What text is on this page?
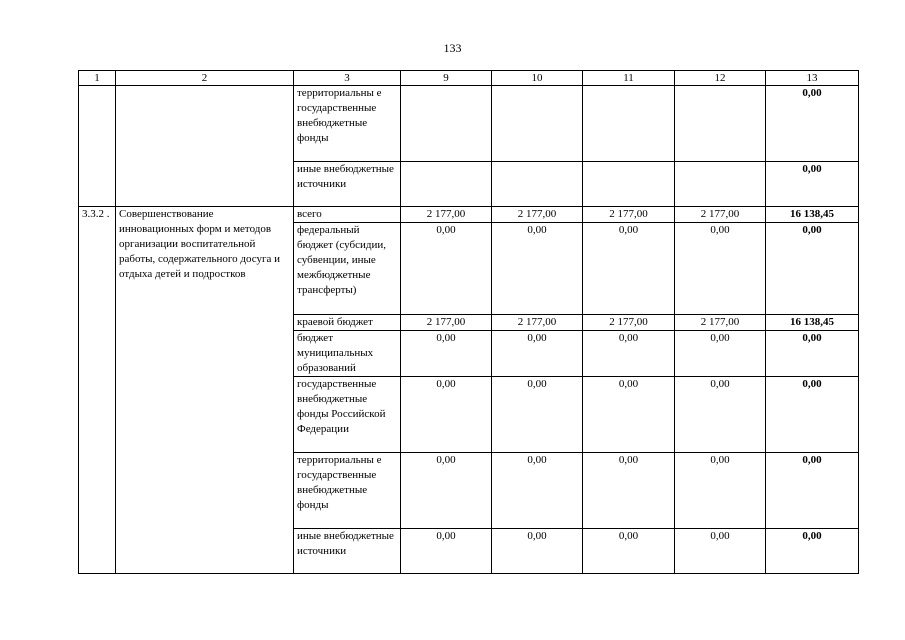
133
1	2	3	9	10	11	12	13
		территориальны е государственные внебюджетные фонды					0,00
		иные внебюджетные источники					0,00
3.3.2 .	Совершенствование инновационных форм и методов организации воспитательной работы, содержательного досуга и отдыха детей и подростков	всего	2 177,00	2 177,00	2 177,00	2 177,00	16 138,45
		федеральный бюджет (субсидии, субвенции, иные межбюджетные трансферты)	0,00	0,00	0,00	0,00	0,00
		краевой бюджет	2 177,00	2 177,00	2 177,00	2 177,00	16 138,45
		бюджет муниципальных образований	0,00	0,00	0,00	0,00	0,00
		государственные внебюджетные фонды Российской Федерации	0,00	0,00	0,00	0,00	0,00
		территориальны е государственные внебюджетные фонды	0,00	0,00	0,00	0,00	0,00
		иные внебюджетные источники	0,00	0,00	0,00	0,00	0,00
